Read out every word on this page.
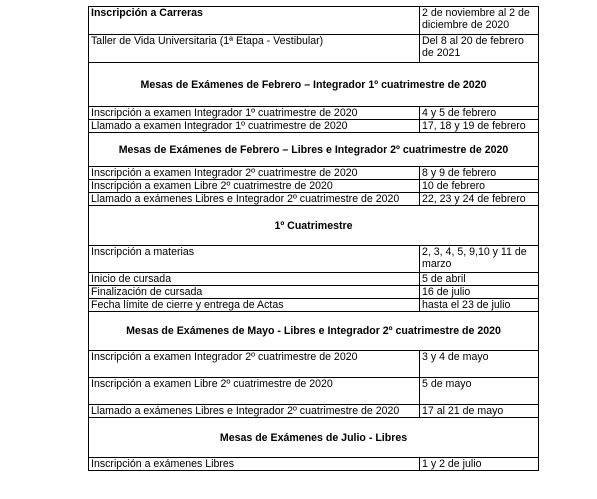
Inscripción a Carreras	2 de noviembre al 2 de diciembre de 2020
Taller de Vida Universitaria (1ª Etapa - Vestibular)	Del 8 al 20 de febrero de 2021
Mesas de Exámenes de Febrero – Integrador 1º cuatrimestre de 2020	
Inscripción a examen Integrador 1º cuatrimestre de 2020	4 y 5 de febrero
Llamado a examen Integrador 1º cuatrimestre de 2020	17, 18 y 19 de febrero
Mesas de Exámenes de Febrero – Libres e Integrador 2º cuatrimestre de 2020	
Inscripción a examen Integrador 2º cuatrimestre de 2020	8 y 9 de febrero
Inscripción a examen Libre 2º cuatrimestre de 2020	10 de febrero
Llamado a exámenes Libres e Integrador 2º cuatrimestre de 2020	22, 23 y 24 de febrero
1º Cuatrimestre	
Inscripción a materias	2, 3, 4, 5, 9,10 y 11 de marzo
Inicio de cursada	5 de abril
Finalización de cursada	16 de julio
Fecha límite de cierre y entrega de Actas	hasta el 23 de julio
Mesas de Exámenes de Mayo - Libres e Integrador 2º cuatrimestre de 2020	
Inscripción a examen Integrador 2º cuatrimestre de 2020	3 y 4 de mayo
Inscripción a examen Libre 2º cuatrimestre de 2020	5 de mayo
Llamado a exámenes Libres e Integrador 2º cuatrimestre de 2020	17 al 21 de mayo
Mesas de Exámenes de Julio - Libres	
Inscripción a exámenes Libres	1 y 2 de julio
